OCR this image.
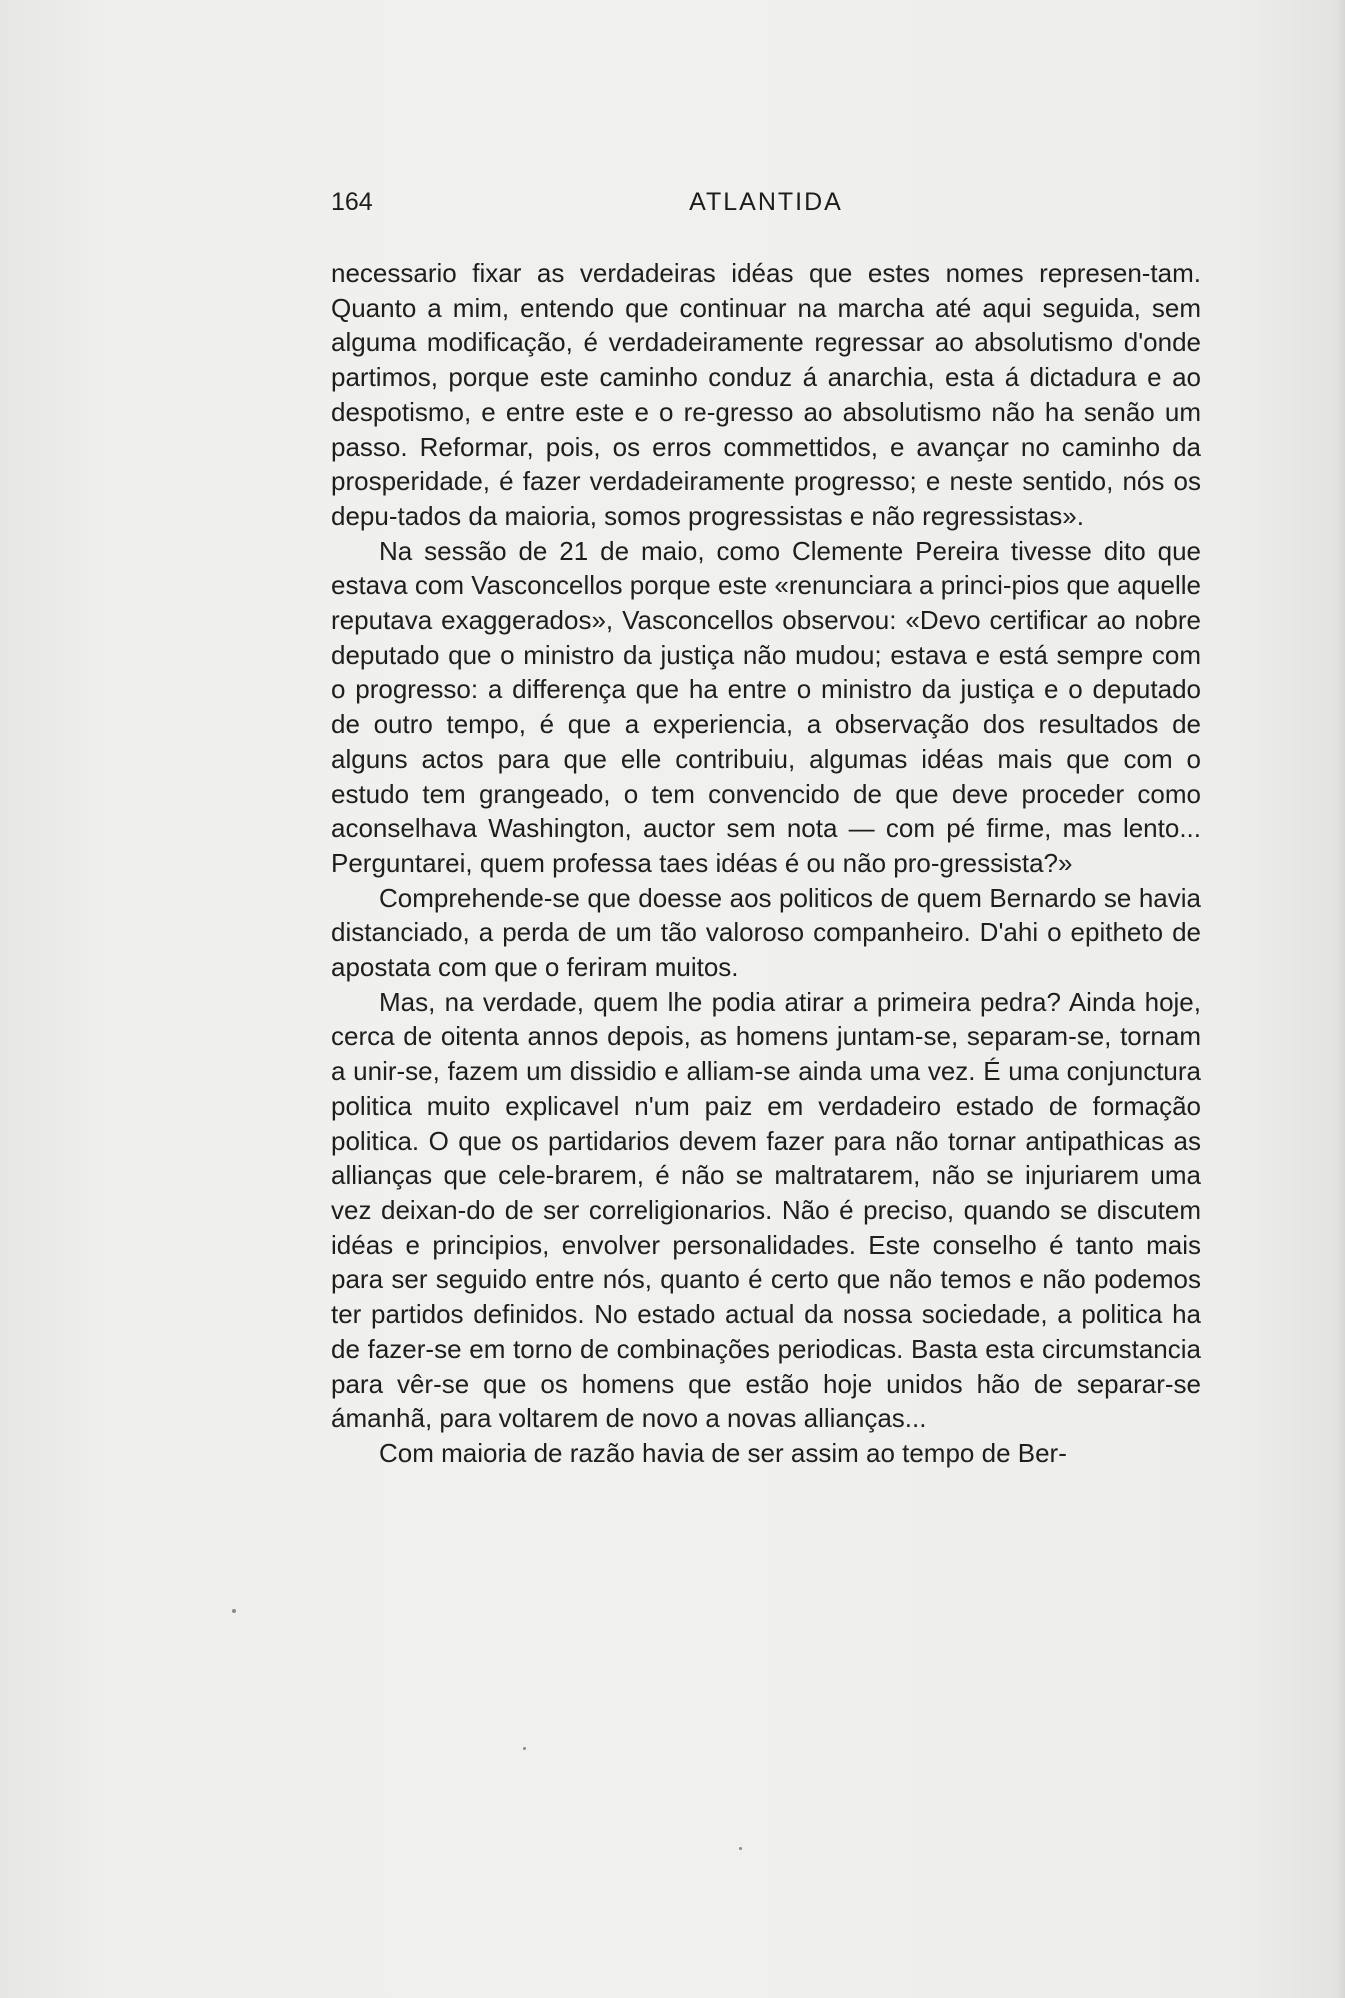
164	ATLANTIDA

necessario fixar as verdadeiras idéas que estes nomes represen-tam. Quanto a mim, entendo que continuar na marcha até aqui seguida, sem alguma modificação, é verdadeiramente regressar ao absolutismo d'onde partimos, porque este caminho conduz á anarchia, esta á dictadura e ao despotismo, e entre este e o re-gresso ao absolutismo não ha senão um passo. Reformar, pois, os erros commettidos, e avançar no caminho da prosperidade, é fazer verdadeiramente progresso; e neste sentido, nós os depu-tados da maioria, somos progressistas e não regressistas».

Na sessão de 21 de maio, como Clemente Pereira tivesse dito que estava com Vasconcellos porque este «renunciara a princi-pios que aquelle reputava exaggerados», Vasconcellos observou: «Devo certificar ao nobre deputado que o ministro da justiça não mudou; estava e está sempre com o progresso: a differença que ha entre o ministro da justiça e o deputado de outro tempo, é que a experiencia, a observação dos resultados de alguns actos para que elle contribuiu, algumas idéas mais que com o estudo tem grangeado, o tem convencido de que deve proceder como aconselhava Washington, auctor sem nota — com pé firme, mas lento... Perguntarei, quem professa taes idéas é ou não pro-gressista?»

Comprehende-se que doesse aos politicos de quem Bernardo se havia distanciado, a perda de um tão valoroso companheiro. D'ahi o epitheto de apostata com que o feriram muitos.

Mas, na verdade, quem lhe podia atirar a primeira pedra? Ainda hoje, cerca de oitenta annos depois, as homens juntam-se, separam-se, tornam a unir-se, fazem um dissidio e alliam-se ainda uma vez. É uma conjunctura politica muito explicavel n'um paiz em verdadeiro estado de formação politica. O que os partidarios devem fazer para não tornar antipathicas as allianças que cele-brarem, é não se maltratarem, não se injuriarem uma vez deixan-do de ser correligionarios. Não é preciso, quando se discutem idéas e principios, envolver personalidades. Este conselho é tanto mais para ser seguido entre nós, quanto é certo que não temos e não podemos ter partidos definidos. No estado actual da nossa sociedade, a politica ha de fazer-se em torno de combinações periodicas. Basta esta circumstancia para vêr-se que os homens que estão hoje unidos hão de separar-se ámanhã, para voltarem de novo a novas allianças...

Com maioria de razão havia de ser assim ao tempo de Ber-
